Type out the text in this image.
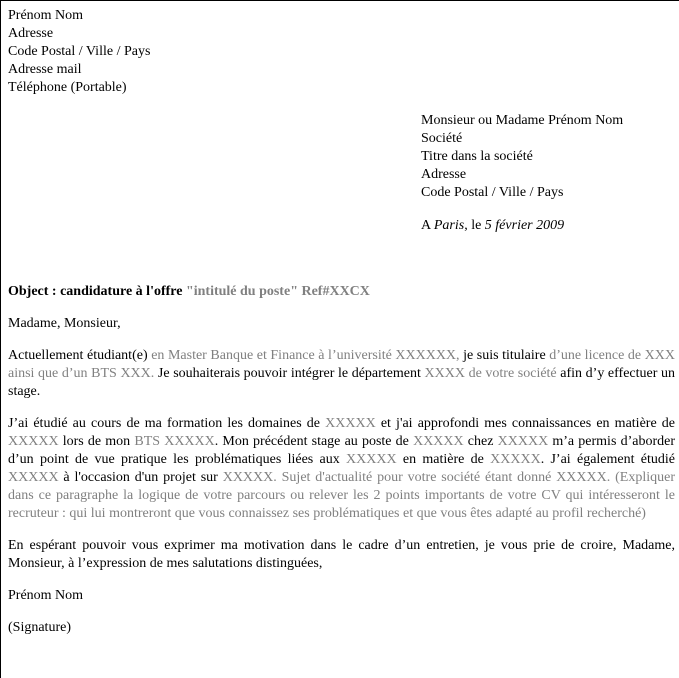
Prénom Nom
Adresse
Code Postal / Ville / Pays
Adresse mail
Téléphone (Portable)
Monsieur ou Madame Prénom Nom
Société
Titre dans la société
Adresse
Code Postal / Ville / Pays
A Paris, le 5 février 2009

Object : candidature à l'offre "intitulé du poste" Ref#XXCX

Madame, Monsieur,

Actuellement étudiant(e) en Master Banque et Finance à l’université XXXXXX, je suis titulaire d’une licence de XXX ainsi que d’un BTS XXX. Je souhaiterais pouvoir intégrer le département XXXX de votre société afin d’y effectuer un stage.

J’ai étudié au cours de ma formation les domaines de XXXXX et j'ai approfondi mes connaissances en matière de XXXXX lors de mon BTS XXXXX. Mon précédent stage au poste de XXXXX chez XXXXX m’a permis d’aborder d’un point de vue pratique les problématiques liées aux XXXXX en matière de XXXXX. J’ai également étudié XXXXX à l'occasion d'un projet sur XXXXX. Sujet d'actualité pour votre société étant donné XXXXX. (Expliquer dans ce paragraphe la logique de votre parcours ou relever les 2 points importants de votre CV qui intéresseront le recruteur : qui lui montreront que vous connaissez ses problématiques et que vous êtes adapté au profil recherché)

En espérant pouvoir vous exprimer ma motivation dans le cadre d’un entretien, je vous prie de croire, Madame, Monsieur, à l’expression de mes salutations distinguées,

Prénom Nom

(Signature)
